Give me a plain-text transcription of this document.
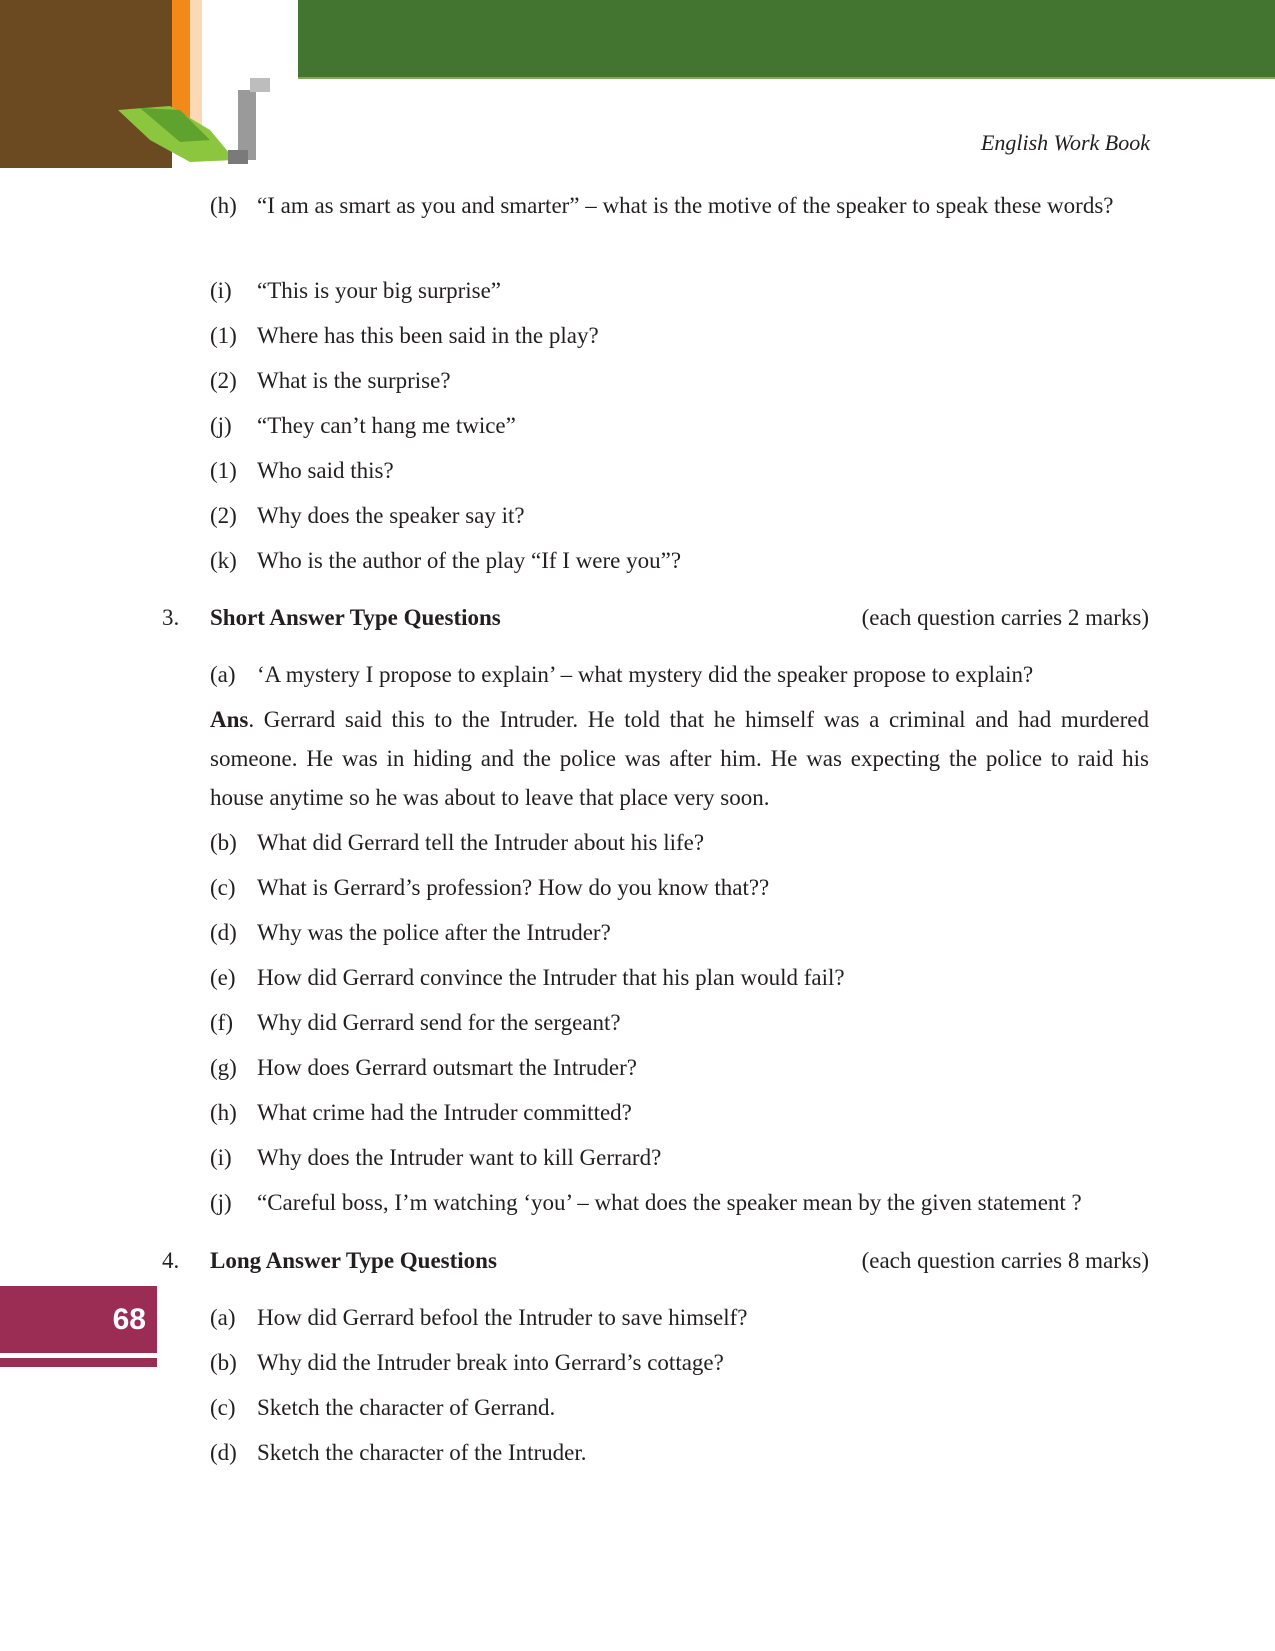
English Work Book
68
(h) “I am as smart as you and smarter” – what is the motive of the speaker to speak these words?
(i) “This is your big surprise”
(1) Where has this been said in the play?
(2) What is the surprise?
(j) “They can’t hang me twice”
(1) Who said this?
(2) Why does the speaker say it?
(k) Who is the author of the play “If I were you”?
3. Short Answer Type Questions	(each question carries 2 marks)
(a) ‘A mystery I propose to explain’ – what mystery did the speaker propose to explain?
Ans. Gerrard said this to the Intruder. He told that he himself was a criminal and had murdered someone. He was in hiding and the police was after him. He was expecting the police to raid his house anytime so he was about to leave that place very soon.
(b) What did Gerrard tell the Intruder about his life?
(c) What is Gerrard’s profession? How do you know that??
(d) Why was the police after the Intruder?
(e) How did Gerrard convince the Intruder that his plan would fail?
(f) Why did Gerrard send for the sergeant?
(g) How does Gerrard outsmart the Intruder?
(h) What crime had the Intruder committed?
(i) Why does the Intruder want to kill Gerrard?
(j) “Careful boss, I’m watching ‘you’ – what does the speaker mean by the given statement ?
4. Long Answer Type Questions	(each question carries 8 marks)
(a) How did Gerrard befool the Intruder to save himself?
(b) Why did the Intruder break into Gerrard’s cottage?
(c) Sketch the character of Gerrand.
(d) Sketch the character of the Intruder.
